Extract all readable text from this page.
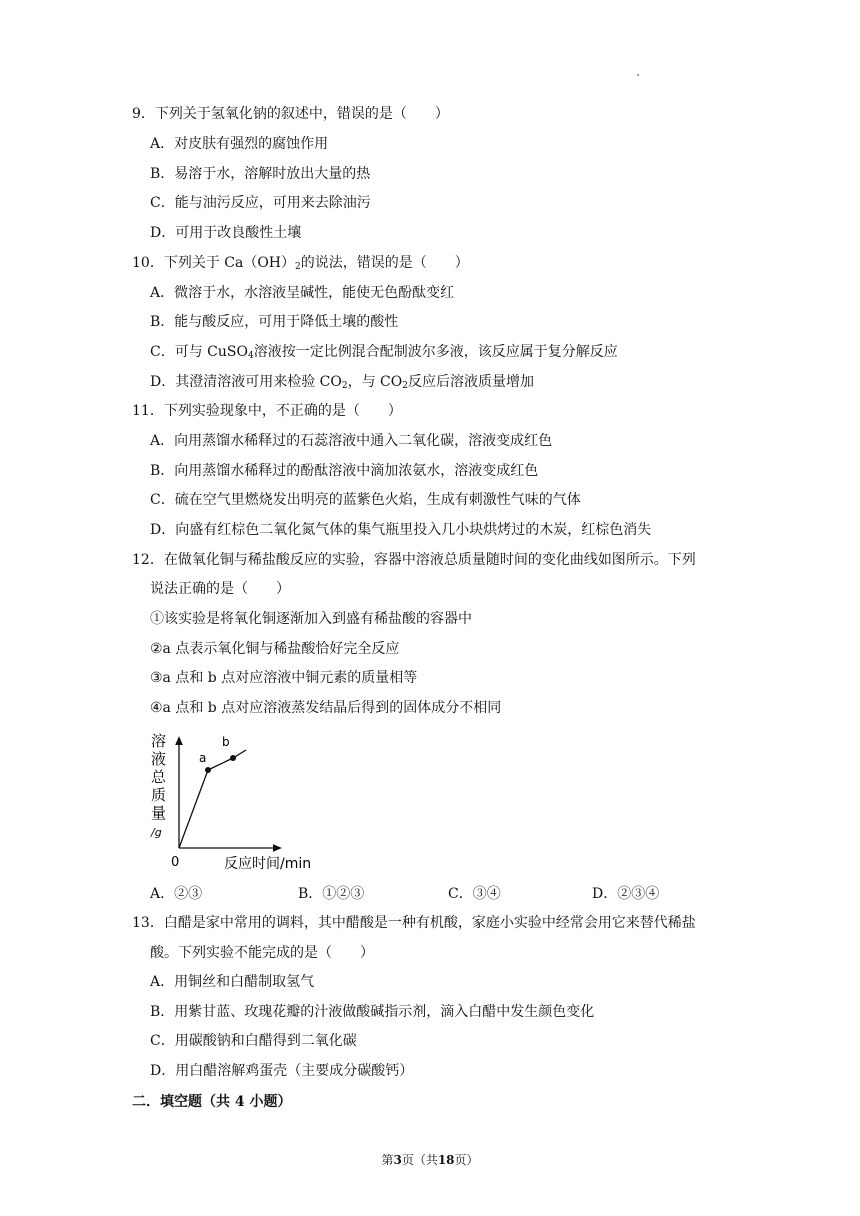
9．下列关于氢氧化钠的叙述中，错误的是（　　）
A．对皮肤有强烈的腐蚀作用
B．易溶于水，溶解时放出大量的热
C．能与油污反应，可用来去除油污
D．可用于改良酸性土壤
10．下列关于 $Ca(OH)_2$的说法，错误的是（　　）
A．微溶于水，水溶液呈碱性，能使无色酚酞变红
B．能与酸反应，可用于降低土壤的酸性
C．可与 CuSO$_4$溶液按一定比例混合配制波尔多液，该反应属于复分解反应
D．其澄清溶液可用来检验 $CO_2$，与 $CO_2$反应后溶液质量增加
11．下列实验现象中，不正确的是（　　）
A．向用蒸馏水稀释过的石蕊溶液中通入二氧化碳，溶液变成红色
B．向用蒸馏水稀释过的酚酞溶液中滴加浓氨水，溶液变成红色
C．硫在空气里燃烧发出明亮的蓝紫色火焰，生成有刺激性气味的气体
D．向盛有红棕色二氧化氮气体的集气瓶里投入几小块烘烤过的木炭，红棕色消失
12．在做氧化铜与稀盐酸反应的实验，容器中溶液总质量随时间的变化曲线如图所示。下列
说法正确的是（　　）
①该实验是将氧化铜逐渐加入到盛有稀盐酸的容器中
②a 点表示氧化铜与稀盐酸恰好完全反应
③a 点和 b 点对应溶液中铜元素的质量相等
④a 点和 b 点对应溶液蒸发结晶后得到的固体成分不相同
a
b
溶
液
总
质
量
/g
0	反应时间/min
A．②③	B．①②③	C．③④	D．②③④
13．白醋是家中常用的调料，其中醋酸是一种有机酸，家庭小实验中经常会用它来替代稀盐
酸。下列实验不能完成的是（　　）
A．用铜丝和白醋制取氢气
B．用紫甘蓝、玫瑰花瓣的汁液做酸碱指示剂，滴入白醋中发生颜色变化
C．用碳酸钠和白醋得到二氧化碳
D．用白醋溶解鸡蛋壳（主要成分碳酸钙）
二．填空题（共 4 小题）
第3页（共18页）
